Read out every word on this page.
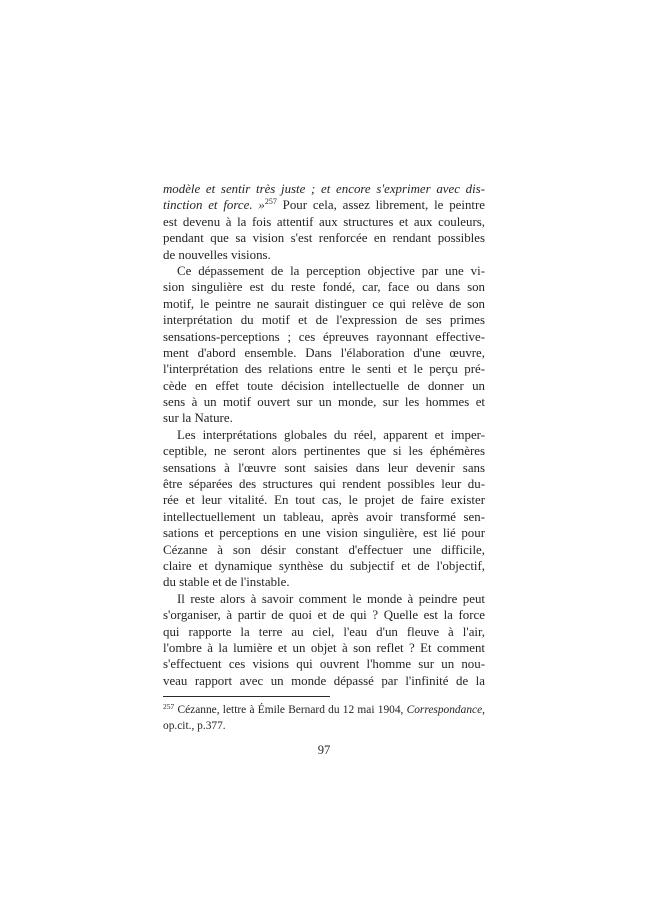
modèle et sentir très juste ; et encore s'exprimer avec dis-
tinction et force. »$^{257}$ Pour cela, assez librement, le peintre
est devenu à la fois attentif aux structures et aux couleurs,
pendant que sa vision s'est renforcée en rendant possibles
de nouvelles visions.
Ce dépassement de la perception objective par une vi-
sion singulière est du reste fondé, car, face ou dans son
motif, le peintre ne saurait distinguer ce qui relève de son
interprétation du motif et de l'expression de ses primes
sensations-perceptions ; ces épreuves rayonnant effective-
ment d'abord ensemble. Dans l'élaboration d'une œuvre,
l'interprétation des relations entre le senti et le perçu pré-
cède en effet toute décision intellectuelle de donner un
sens à un motif ouvert sur un monde, sur les hommes et
sur la Nature.
Les interprétations globales du réel, apparent et imper-
ceptible, ne seront alors pertinentes que si les éphémères
sensations à l'œuvre sont saisies dans leur devenir sans
être séparées des structures qui rendent possibles leur du-
rée et leur vitalité. En tout cas, le projet de faire exister
intellectuellement un tableau, après avoir transformé sen-
sations et perceptions en une vision singulière, est lié pour
Cézanne à son désir constant d'effectuer une difficile,
claire et dynamique synthèse du subjectif et de l'objectif,
du stable et de l'instable.
Il reste alors à savoir comment le monde à peindre peut
s'organiser, à partir de quoi et de qui ? Quelle est la force
qui rapporte la terre au ciel, l'eau d'un fleuve à l'air,
l'ombre à la lumière et un objet à son reflet ? Et comment
s'effectuent ces visions qui ouvrent l'homme sur un nou-
veau rapport avec un monde dépassé par l'infinité de la
$^{257}$ Cézanne, lettre à Émile Bernard du 12 mai 1904, Correspondance,
op.cit., p.377.
97
